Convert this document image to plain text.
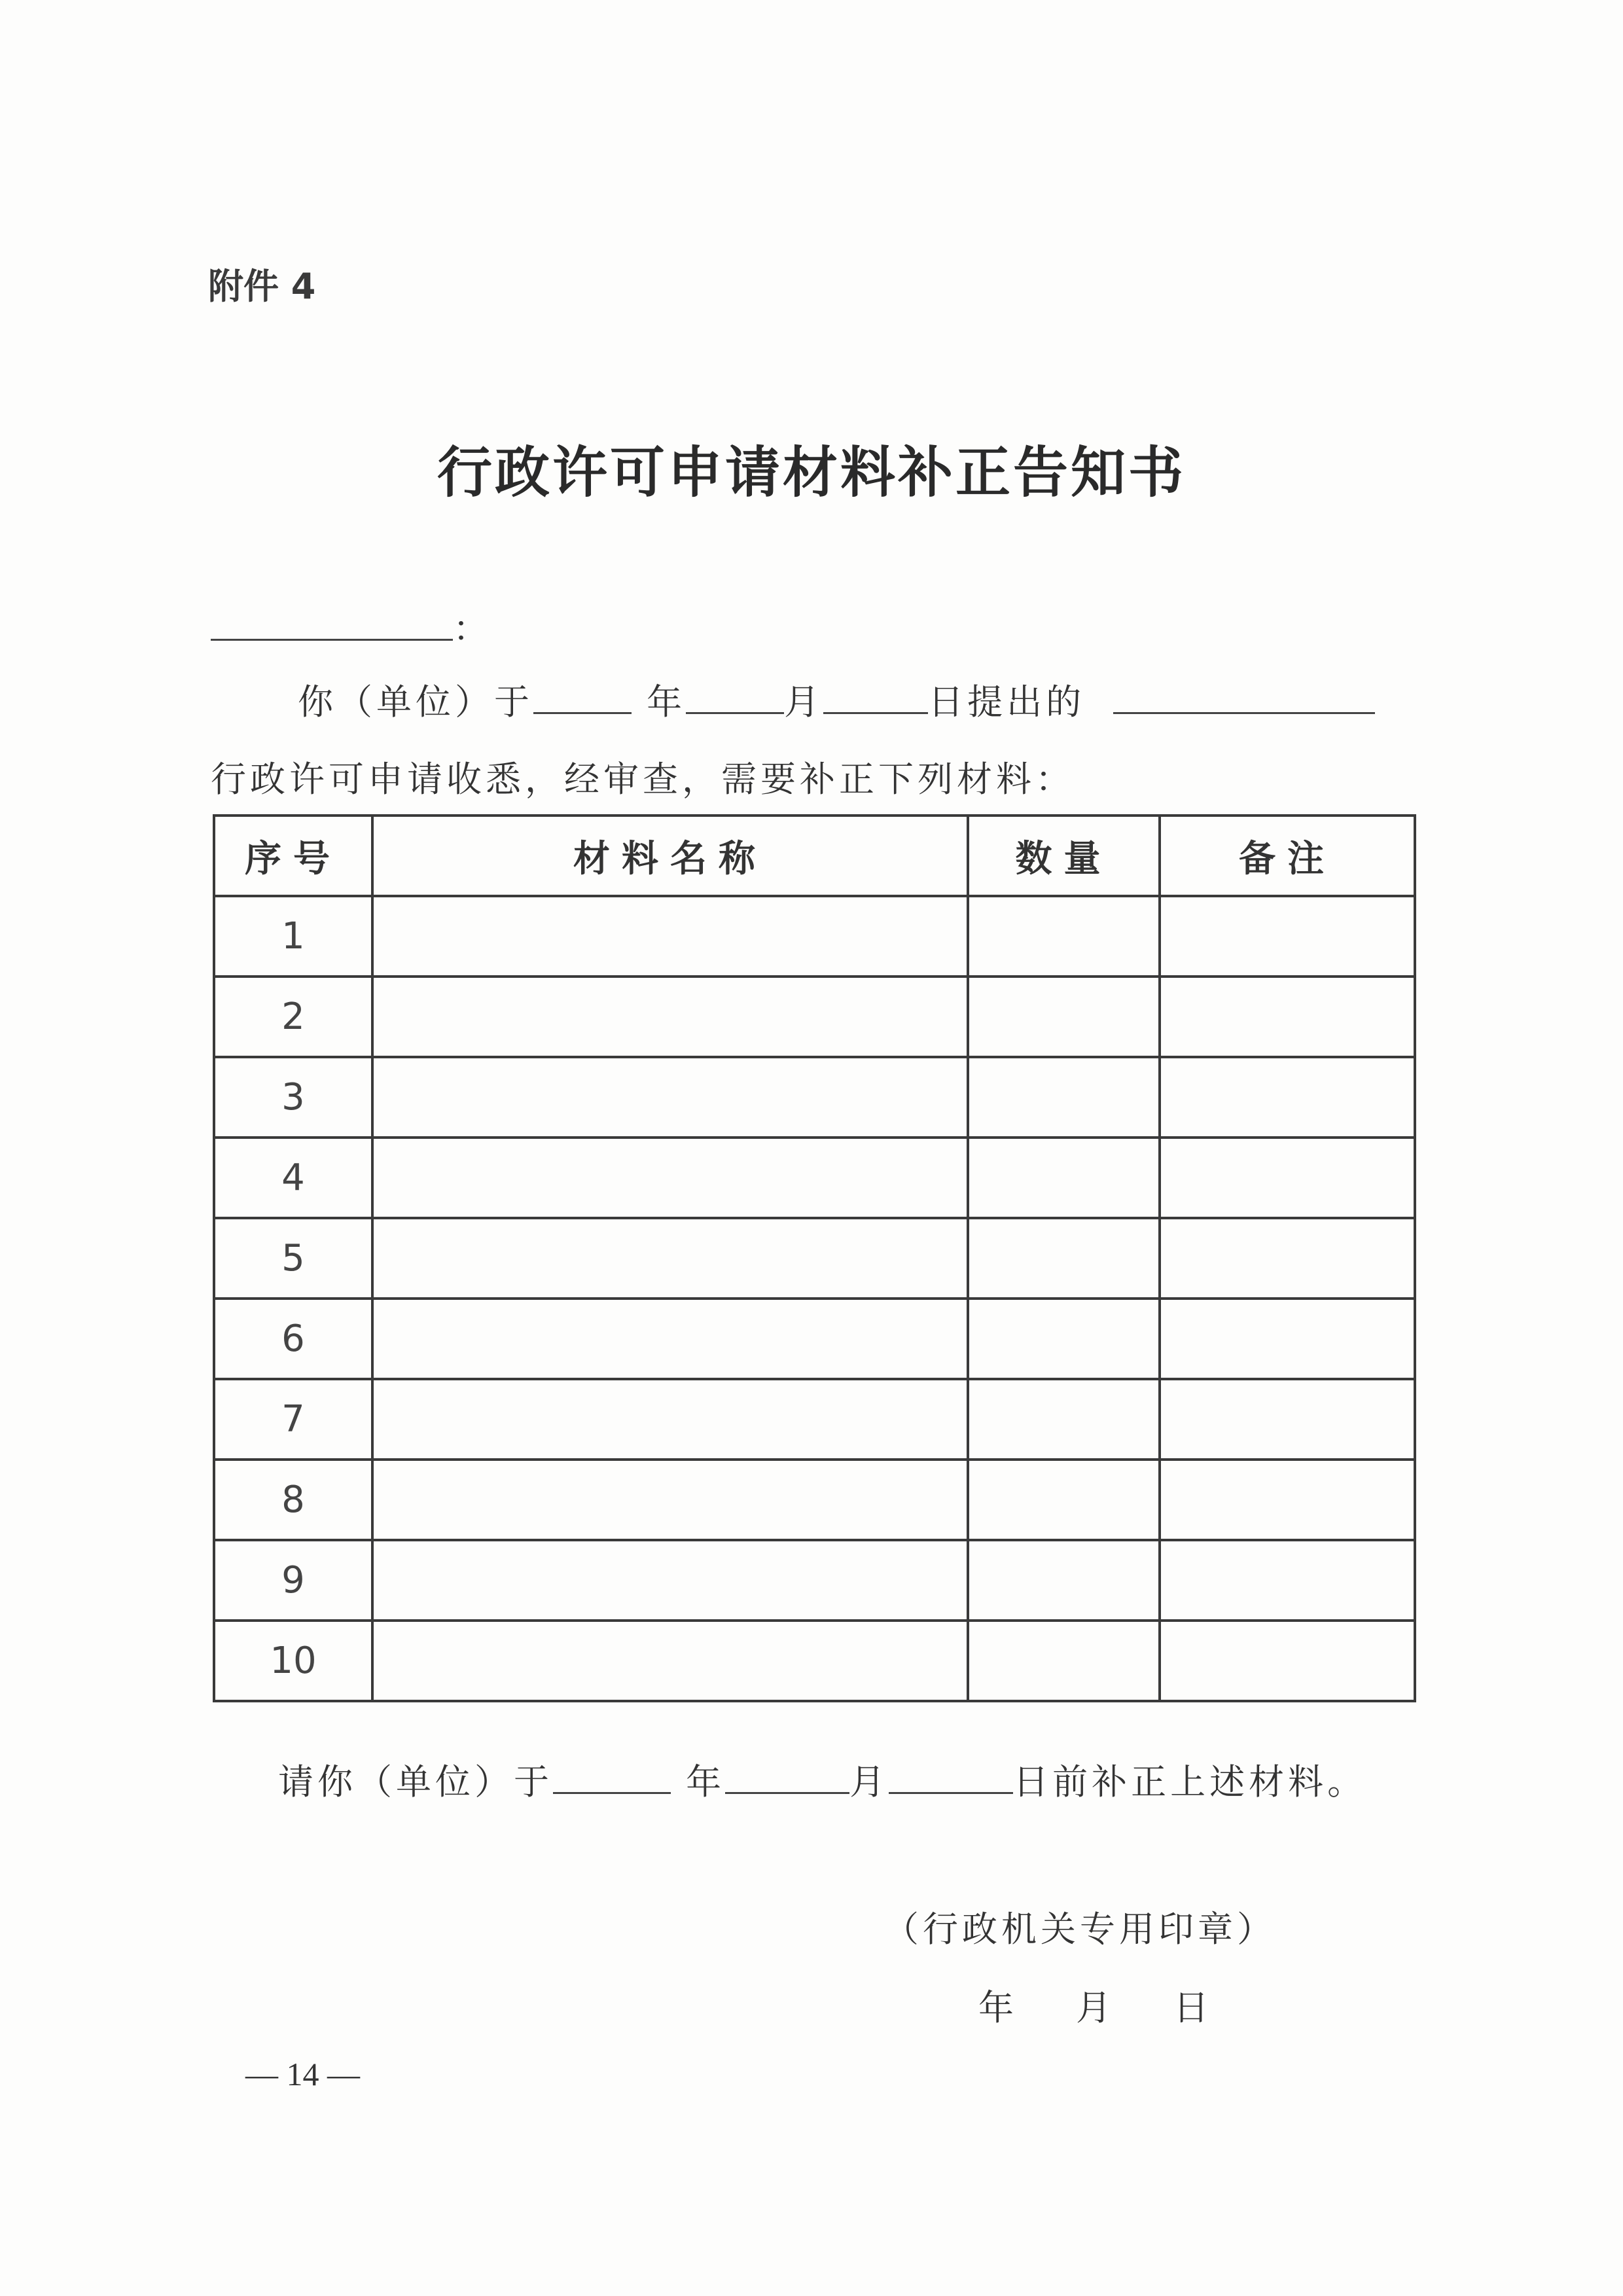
附件 4
行政许可申请材料补正告知书
：
你（单位）于	年	月	日提出的
行政许可申请收悉，经审查，需要补正下列材料：
序号	材料名称	数量	备注
1			
2			
3			
4			
5			
6			
7			
8			
9			
10			
请你（单位）于	年	月	日前补正上述材料。
（行政机关专用印章）
年 月 日
— 14 —
